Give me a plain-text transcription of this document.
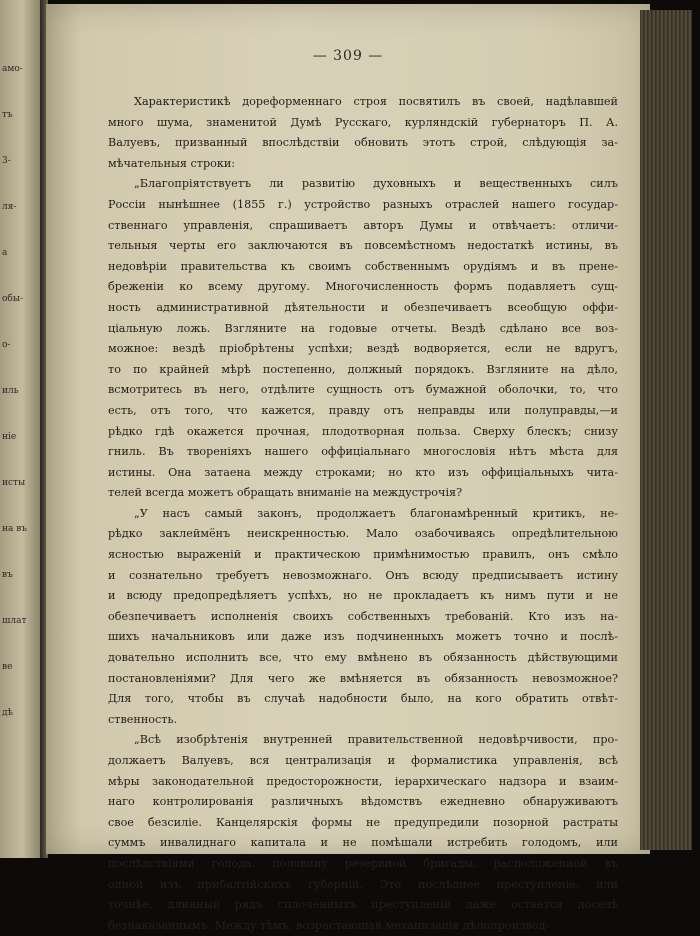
амо-
тъ
3-
ля-
а
обы-
о-
иль
ніе
исты
на въ
въ
шлат
ве
дѣ
— 309 —
Характеристикѣ дореформеннаго строя посвятилъ въ своей, надѣлавшей
много шума, знаменитой Думѣ Русскаго, курляндскій губернаторъ П. А.
Валуевъ, призванный впослѣдствіи обновить этотъ строй, слѣдующія за-
мѣчательныя строки:
„Благопріятствуетъ ли развитію духовныхъ и вещественныхъ силъ
Россіи нынѣшнее (1855 г.) устройство разныхъ отраслей нашего государ-
ственнаго управленія, спрашиваетъ авторъ Думы и отвѣчаетъ: отличи-
тельныя черты его заключаются въ повсемѣстномъ недостаткѣ истины, въ
недовѣріи правительства къ своимъ собственнымъ орудіямъ и въ прене-
бреженіи ко всему другому. Многочисленность формъ подавляетъ сущ-
ность административной дѣятельности и обезпечиваетъ всеобщую оффи-
ціальную ложь. Взгляните на годовые отчеты. Вездѣ сдѣлано все воз-
можное: вездѣ пріобрѣтены успѣхи; вездѣ водворяется, если не вдругъ,
то по крайней мѣрѣ постепенно, должный порядокъ. Взгляните на дѣло,
всмотритесь въ него, отдѣлите сущность отъ бумажной оболочки, то, что
есть, отъ того, что кажется, правду отъ неправды или полуправды,—и
рѣдко гдѣ окажется прочная, плодотворная польза. Сверху блескъ; снизу
гниль. Въ твореніяхъ нашего оффиціальнаго многословія нѣтъ мѣста для
истины. Она затаена между строками; но кто изъ оффиціальныхъ чита-
телей всегда можетъ обращать вниманіе на междустрочія?
„У насъ самый законъ, продолжаетъ благонамѣренный критикъ, не-
рѣдко заклеймёнъ неискренностью. Мало озабочиваясь опредѣлительною
ясностью выраженій и практическою примѣнимостью правилъ, онъ смѣло
и сознательно требуетъ невозможнаго. Онъ всюду предписываетъ истину
и всюду предопредѣляетъ успѣхъ, но не прокладаетъ къ нимъ пути и не
обезпечиваетъ исполненія своихъ собственныхъ требованій. Кто изъ на-
шихъ начальниковъ или даже изъ подчиненныхъ можетъ точно и послѣ-
довательно исполнить все, что ему вмѣнено въ обязанность дѣйствующими
постановленіями? Для чего же вмѣняется въ обязанность невозможное?
Для того, чтобы въ случаѣ надобности было, на кого обратить отвѣт-
ственность.
„Всѣ изобрѣтенія внутренней правительственной недовѣрчивости, про-
должаетъ Валуевъ, вся централизація и формалистика управленія, всѣ
мѣры законодательной предосторожности, іерархическаго надзора и взаим-
наго контролированія различныхъ вѣдомствъ ежедневно обнаруживаютъ
свое безсиліе. Канцелярскія формы не предупредили позорной растраты
суммъ инвалиднаго капитала и не помѣшали истребить голодомъ, или
послѣдствіями голода, половину резервной бригады, расположенной въ
одной изъ прибалтійскихъ губерній. Это послѣднее преступленіе, или
точнѣе, длинный рядъ сплочённыхъ преступленій даже остается доселѣ
безнаказаннымъ. Между тѣмъ, возрастающая механизація дѣлопроизвод-
